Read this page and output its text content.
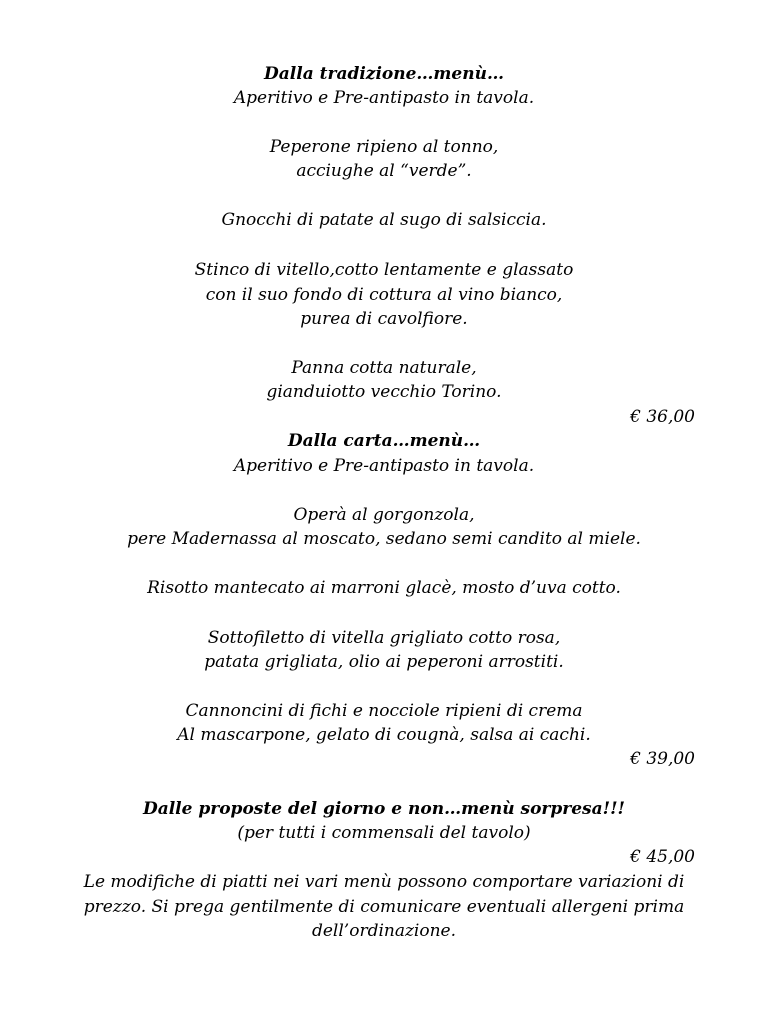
Dalla tradizione…menù…
Aperitivo e Pre-antipasto in tavola.
Peperone ripieno al tonno,
acciughe al “verde”.
Gnocchi di patate al sugo di salsiccia.
Stinco di vitello,cotto lentamente e glassato
con il suo fondo di cottura al vino bianco,
purea di cavolfiore.
Panna cotta naturale,
gianduiotto vecchio Torino.
€ 36,00
Dalla carta…menù…
Aperitivo e Pre-antipasto in tavola.
Operà al gorgonzola,
pere Madernassa al moscato, sedano semi candito al miele.
Risotto mantecato ai marroni glacè, mosto d’uva cotto.
Sottofiletto di vitella grigliato cotto rosa,
patata grigliata, olio ai peperoni arrostiti.
Cannoncini di fichi e nocciole ripieni di crema
Al mascarpone, gelato di cougnà, salsa ai cachi.
€ 39,00
Dalle proposte del giorno e non…menù sorpresa!!!
(per tutti i commensali del tavolo)
€ 45,00
Le modifiche di piatti nei vari menù possono comportare variazioni di
prezzo. Si prega gentilmente di comunicare eventuali allergeni prima
dell’ordinazione.
